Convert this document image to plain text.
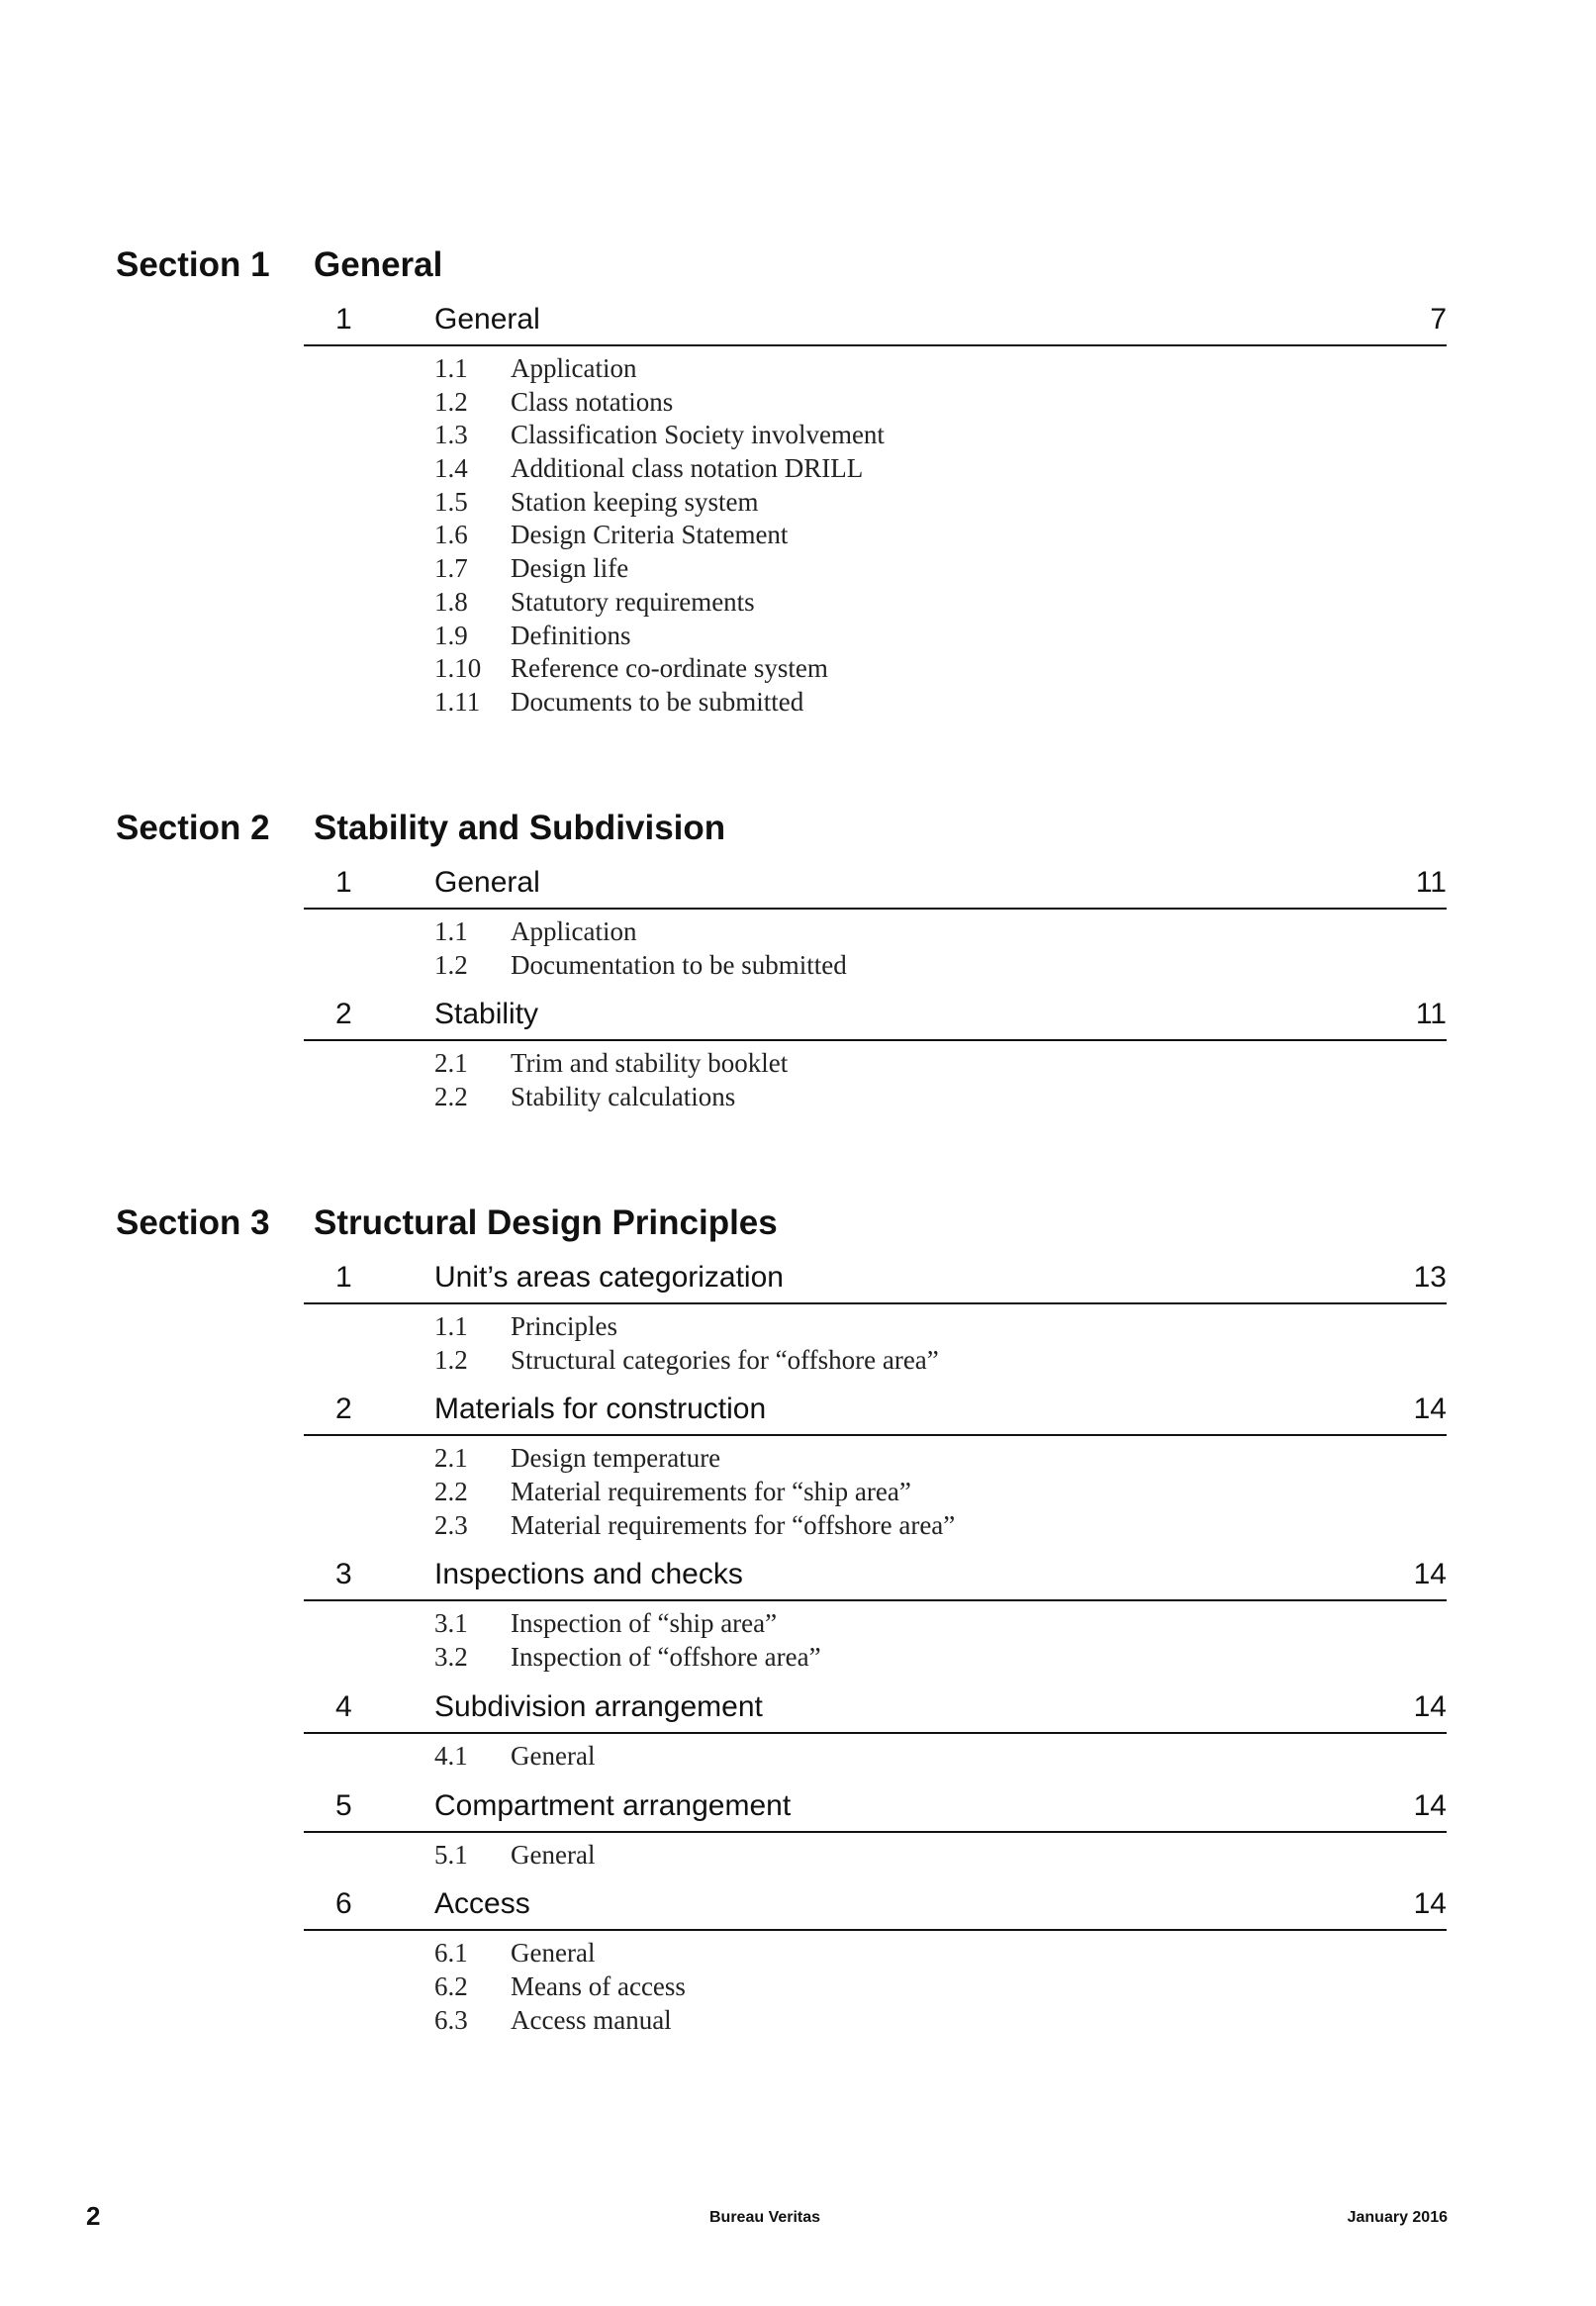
Section 1 General
1	General	7
1.1 Application
1.2 Class notations
1.3 Classification Society involvement
1.4 Additional class notation DRILL
1.5 Station keeping system
1.6 Design Criteria Statement
1.7 Design life
1.8 Statutory requirements
1.9 Definitions
1.10 Reference co-ordinate system
1.11 Documents to be submitted
Section 2 Stability and Subdivision
1	General	11
1.1 Application
1.2 Documentation to be submitted
2	Stability	11
2.1 Trim and stability booklet
2.2 Stability calculations
Section 3 Structural Design Principles
1	Unit’s areas categorization	13
1.1 Principles
1.2 Structural categories for “offshore area”
2	Materials for construction	14
2.1 Design temperature
2.2 Material requirements for “ship area”
2.3 Material requirements for “offshore area”
3	Inspections and checks	14
3.1 Inspection of “ship area”
3.2 Inspection of “offshore area”
4	Subdivision arrangement	14
4.1 General
5	Compartment arrangement	14
5.1 General
6	Access	14
6.1 General
6.2 Means of access
6.3 Access manual
2	Bureau Veritas	January 2016
